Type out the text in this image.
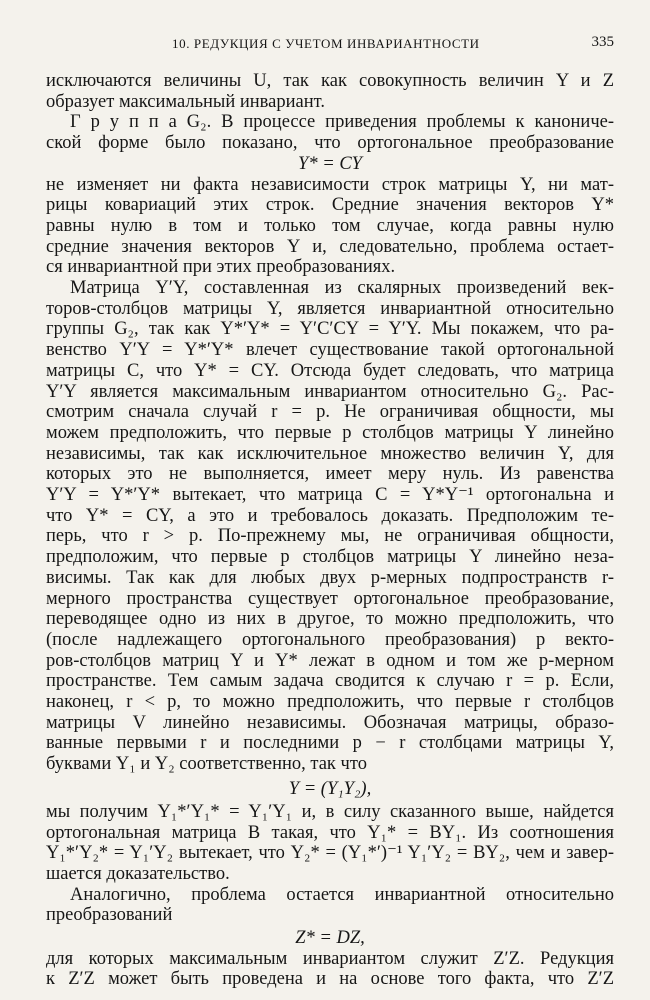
10. РЕДУКЦИЯ С УЧЕТОМ ИНВАРИАНТНОСТИ	335
исключаются величины U, так как совокупность величин Y и Z
образует максимальный инвариант.
Г р у п п а G₂. В процессе приведения проблемы к канониче-
ской форме было показано, что ортогональное преобразование
Y* = CY
не изменяет ни факта независимости строк матрицы Y, ни мат-
рицы ковариаций этих строк. Средние значения векторов Y*
равны нулю в том и только том случае, когда равны нулю
средние значения векторов Y и, следовательно, проблема остает-
ся инвариантной при этих преобразованиях.
Матрица Y′Y, составленная из скалярных произведений век-
торов-столбцов матрицы Y, является инвариантной относительно
группы G₂, так как Y*′Y* = Y′C′CY = Y′Y. Мы покажем, что ра-
венство Y′Y = Y*′Y* влечет существование такой ортогональной
матрицы C, что Y* = CY. Отсюда будет следовать, что матрица
Y′Y является максимальным инвариантом относительно G₂. Рас-
смотрим сначала случай r = p. Не ограничивая общности, мы
можем предположить, что первые p столбцов матрицы Y линейно
независимы, так как исключительное множество величин Y, для
которых это не выполняется, имеет меру нуль. Из равенства
Y′Y = Y*′Y* вытекает, что матрица C = Y*Y⁻¹ ортогональна и
что Y* = CY, а это и требовалось доказать. Предположим те-
перь, что r > p. По-прежнему мы, не ограничивая общности,
предположим, что первые p столбцов матрицы Y линейно неза-
висимы. Так как для любых двух p-мерных подпространств r-
мерного пространства существует ортогональное преобразование,
переводящее одно из них в другое, то можно предположить, что
(после надлежащего ортогонального преобразования) p векто-
ров-столбцов матриц Y и Y* лежат в одном и том же p-мерном
пространстве. Тем самым задача сводится к случаю r = p. Если,
наконец, r < p, то можно предположить, что первые r столбцов
матрицы V линейно независимы. Обозначая матрицы, образо-
ванные первыми r и последними p − r столбцами матрицы Y,
буквами Y₁ и Y₂ соответственно, так что
Y = (Y₁Y₂),
мы получим Y₁*′Y₁* = Y₁′Y₁ и, в силу сказанного выше, найдется
ортогональная матрица B такая, что Y₁* = BY₁. Из соотношения
Y₁*′Y₂* = Y₁′Y₂ вытекает, что Y₂* = (Y₁*′)⁻¹ Y₁′Y₂ = BY₂, чем и завер-
шается доказательство.
Аналогично, проблема остается инвариантной относительно
преобразований
Z* = DZ,
для которых максимальным инвариантом служит Z′Z. Редукция
к Z′Z может быть проведена и на основе того факта, что Z′Z
